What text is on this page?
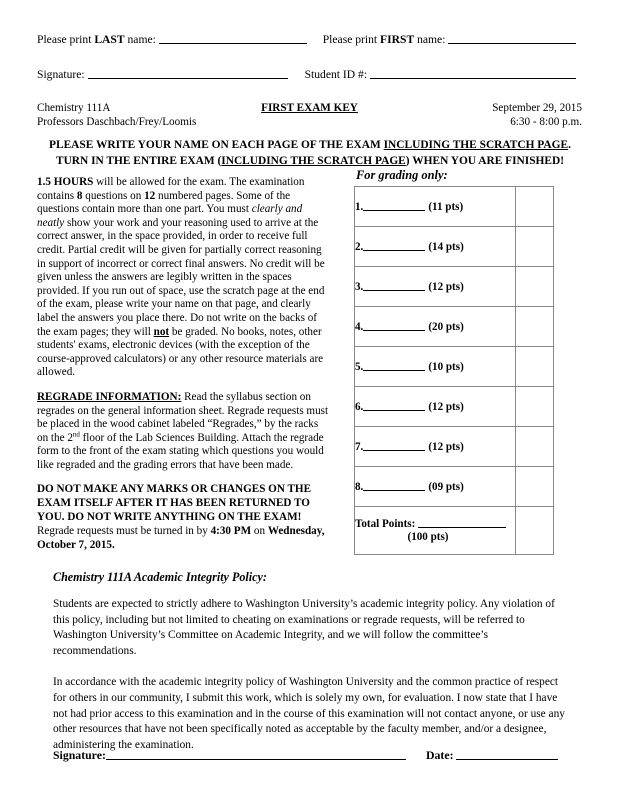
Please print LAST name:	Please print FIRST name:
Signature:	Student ID #:
Chemistry 111A	FIRST EXAM KEY	September 29, 2015
Professors Daschbach/Frey/Loomis	6:30 - 8:00 p.m.
PLEASE WRITE YOUR NAME ON EACH PAGE OF THE EXAM INCLUDING THE SCRATCH PAGE.
TURN IN THE ENTIRE EXAM (INCLUDING THE SCRATCH PAGE) WHEN YOU ARE FINISHED!

1.5 HOURS will be allowed for the exam. The examination contains 8 questions on 12 numbered pages. Some of the questions contain more than one part. You must clearly and neatly show your work and your reasoning used to arrive at the correct answer, in the space provided, in order to receive full credit. Partial credit will be given for partially correct reasoning in support of incorrect or correct final answers. No credit will be given unless the answers are legibly written in the spaces provided. If you run out of space, use the scratch page at the end of the exam, please write your name on that page, and clearly label the answers you place there. Do not write on the backs of the exam pages; they will not be graded. No books, notes, other students' exams, electronic devices (with the exception of the course-approved calculators) or any other resource materials are allowed.

REGRADE INFORMATION: Read the syllabus section on regrades on the general information sheet. Regrade requests must be placed in the wood cabinet labeled “Regrades,” by the racks on the 2nd floor of the Lab Sciences Building. Attach the regrade form to the front of the exam stating which questions you would like regraded and the grading errors that have been made.

DO NOT MAKE ANY MARKS OR CHANGES ON THE EXAM ITSELF AFTER IT HAS BEEN RETURNED TO YOU. DO NOT WRITE ANYTHING ON THE EXAM! Regrade requests must be turned in by 4:30 PM on Wednesday, October 7, 2015.

For grading only:
1. (11 pts)	
2. (14 pts)	
3. (12 pts)	
4. (20 pts)	
5. (10 pts)	
6. (12 pts)	
7. (12 pts)	
8. (09 pts)	

Total Points:
(100 pts)	

Chemistry 111A Academic Integrity Policy:

Students are expected to strictly adhere to Washington University’s academic integrity policy. Any violation of this policy, including but not limited to cheating on examinations or regrade requests, will be referred to Washington University’s Committee on Academic Integrity, and we will follow the committee’s recommendations.

In accordance with the academic integrity policy of Washington University and the common practice of respect for others in our community, I submit this work, which is solely my own, for evaluation. I now state that I have not had prior access to this examination and in the course of this examination will not contact anyone, or use any other resources that have not been specifically noted as acceptable by the faculty member, and/or a designee, administering the examination.

Signature:	Date:
